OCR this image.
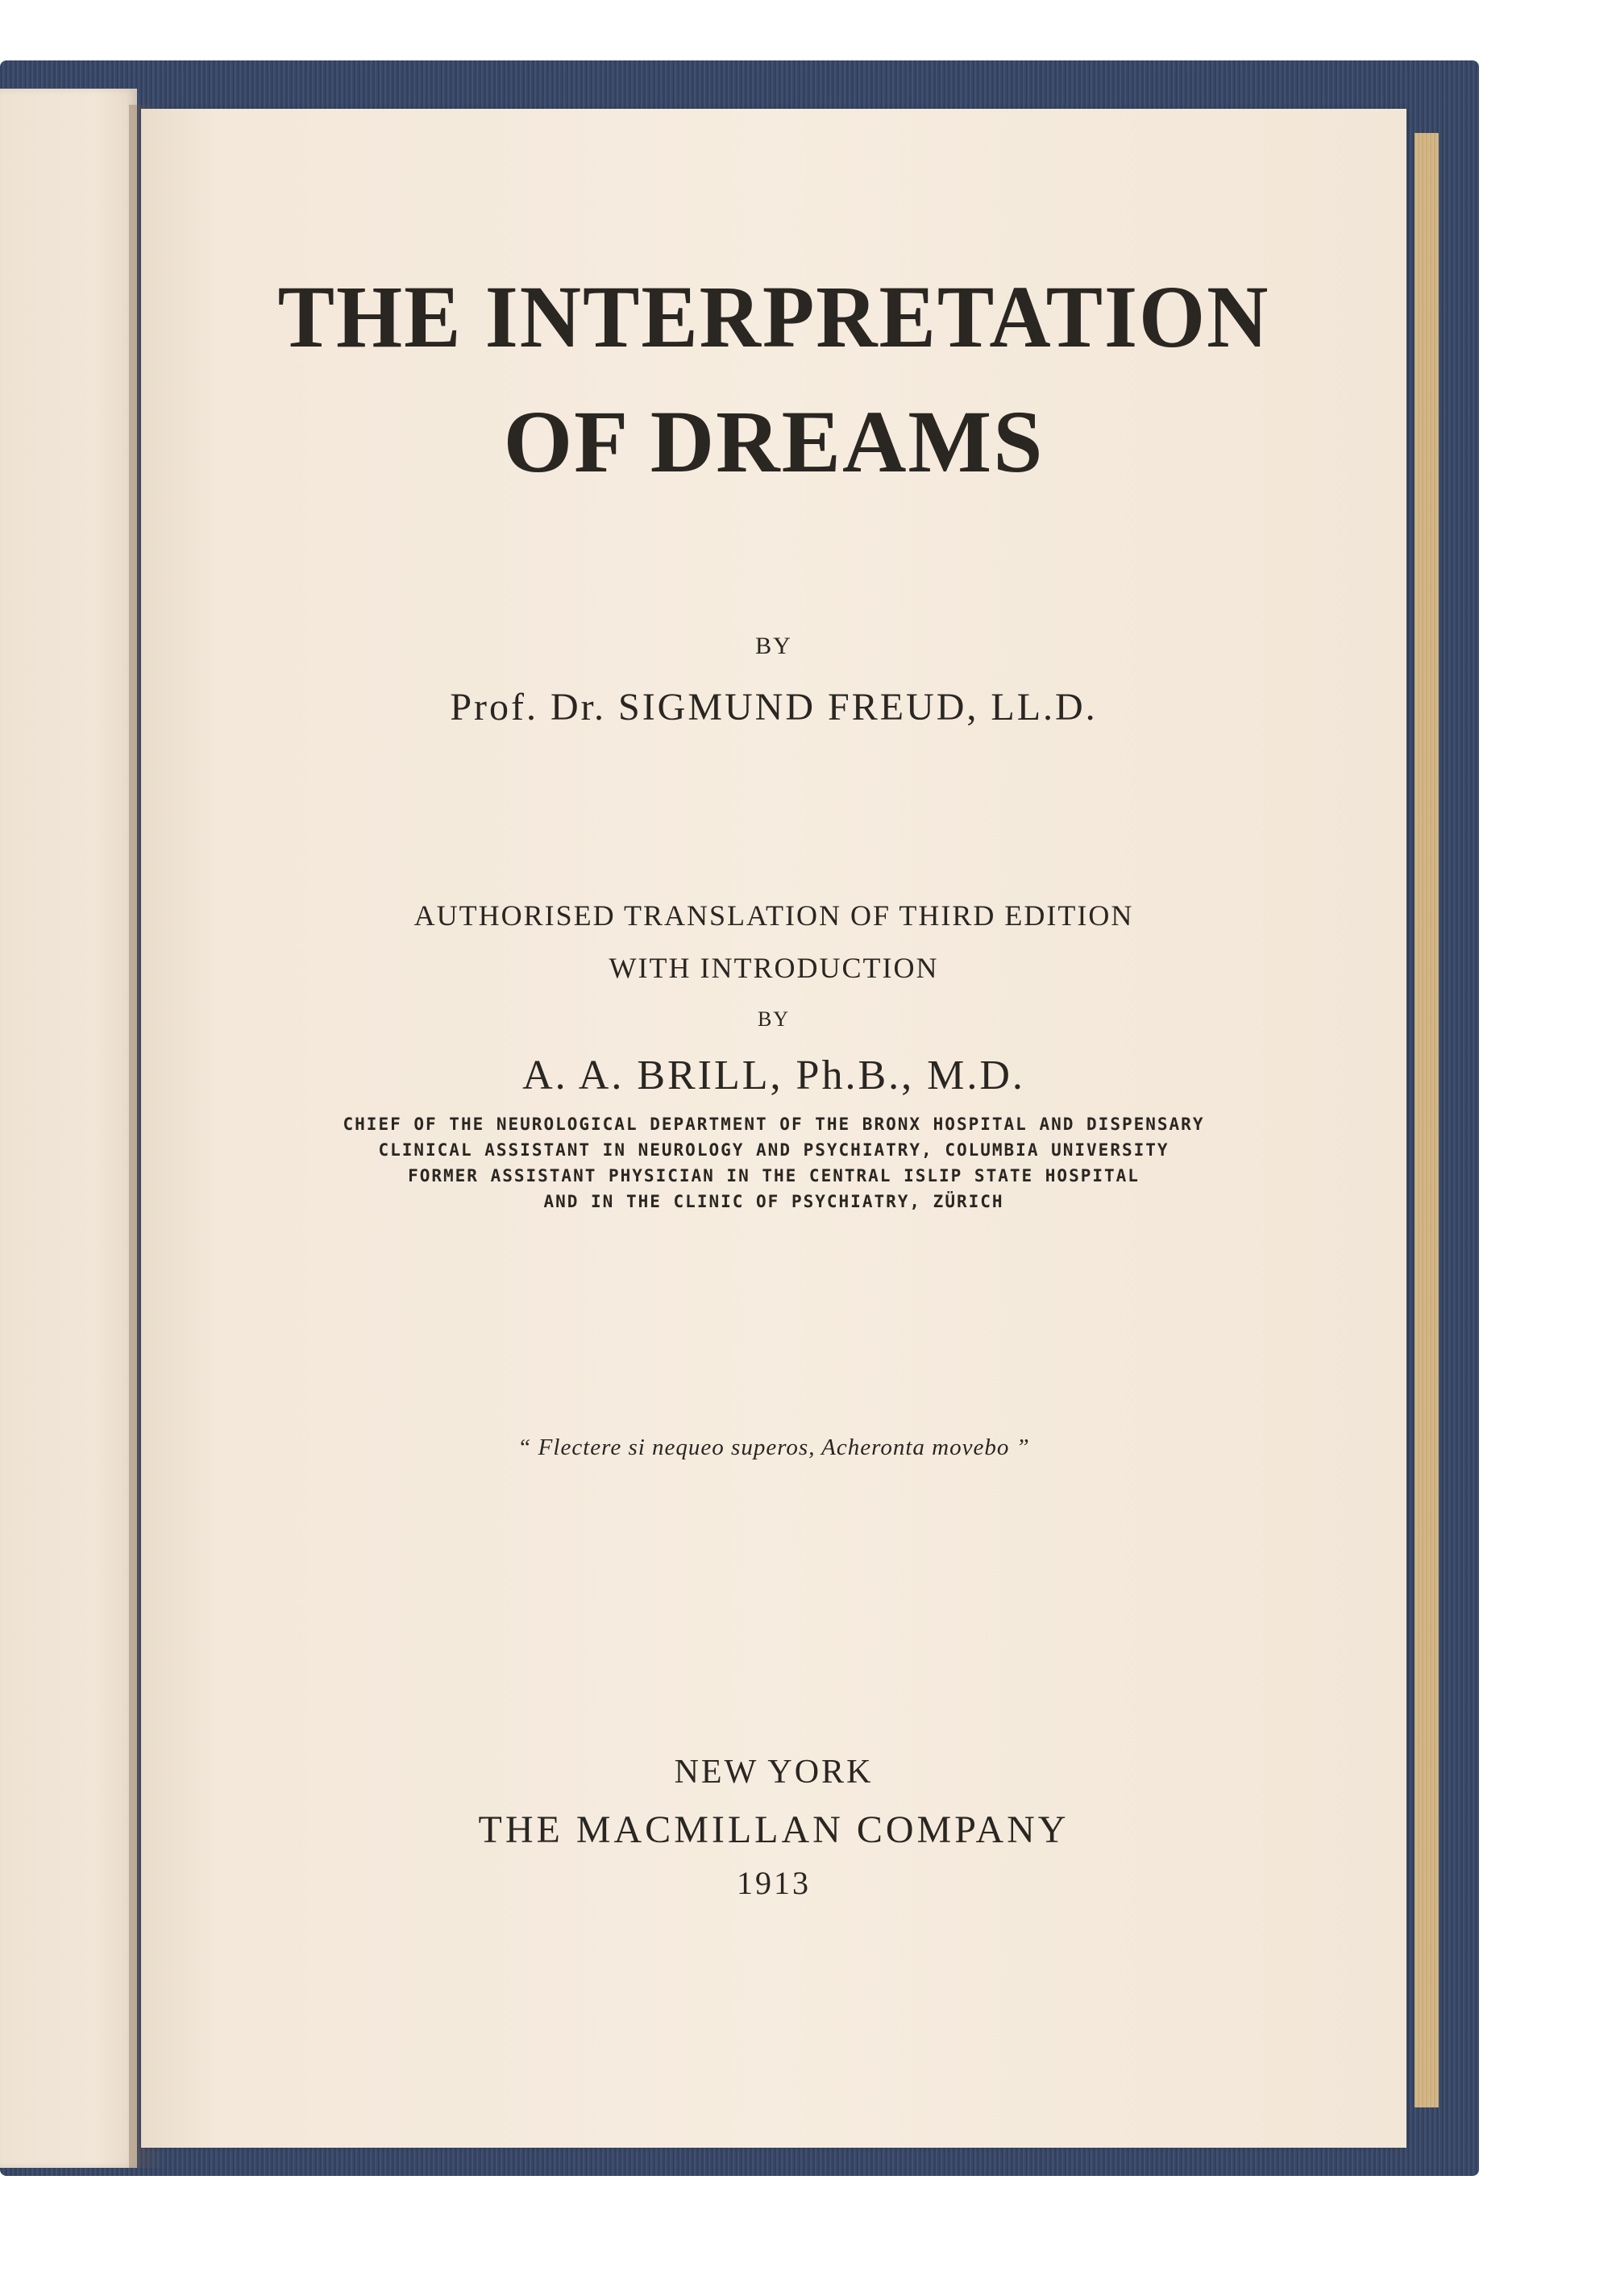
THE INTERPRETATION
OF DREAMS
BY
Prof. Dr. SIGMUND FREUD, LL.D.
AUTHORISED TRANSLATION OF THIRD EDITION
WITH INTRODUCTION
BY
A. A. BRILL, Ph.B., M.D.
CHIEF OF THE NEUROLOGICAL DEPARTMENT OF THE BRONX HOSPITAL AND DISPENSARY
CLINICAL ASSISTANT IN NEUROLOGY AND PSYCHIATRY, COLUMBIA UNIVERSITY
FORMER ASSISTANT PHYSICIAN IN THE CENTRAL ISLIP STATE HOSPITAL
AND IN THE CLINIC OF PSYCHIATRY, ZÜRICH
“ Flectere si nequeo superos, Acheronta movebo ”
NEW YORK
THE MACMILLAN COMPANY
1913
